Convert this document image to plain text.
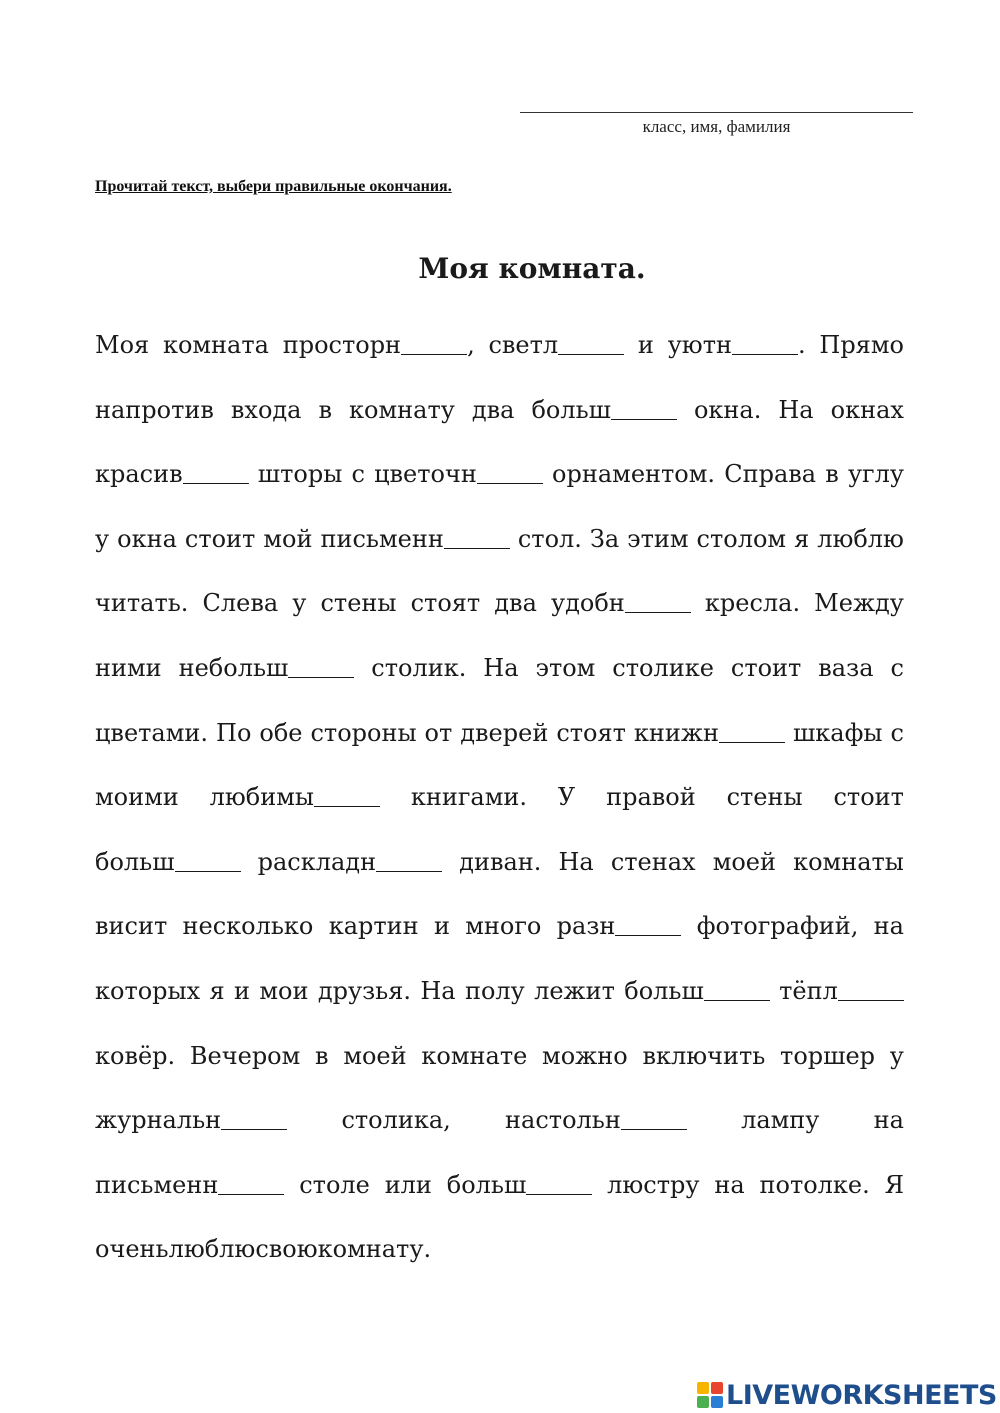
класс, имя, фамилия
Прочитай текст, выбери правильные окончания.
Моя комната.
Моя комната просторн	, светл	и уютн	. Прямо
напротив входа в комнату два больш	окна. На окнах
красив	шторы с цветочн	орнаментом. Справа в углу
у окна стоит мой письменн	стол. За этим столом я люблю
читать. Слева у стены стоят два удобн	кресла. Между
ними небольш	столик. На этом столике стоит ваза с
цветами. По обе стороны от дверей стоят книжн	шкафы с
моими любимы	книгами. У правой стены стоит
больш	раскладн	диван. На стенах моей комнаты
висит несколько картин и много разн	фотографий, на
которых я и мои друзья. На полу лежит больш	тёпл
ковёр. Вечером в моей комнате можно включить торшер у
журнальн	столика, настольн	лампу на
письменн	столе или больш	люстру на потолке. Я
очень люблю свою комнату.
LIVEWORKSHEETS
